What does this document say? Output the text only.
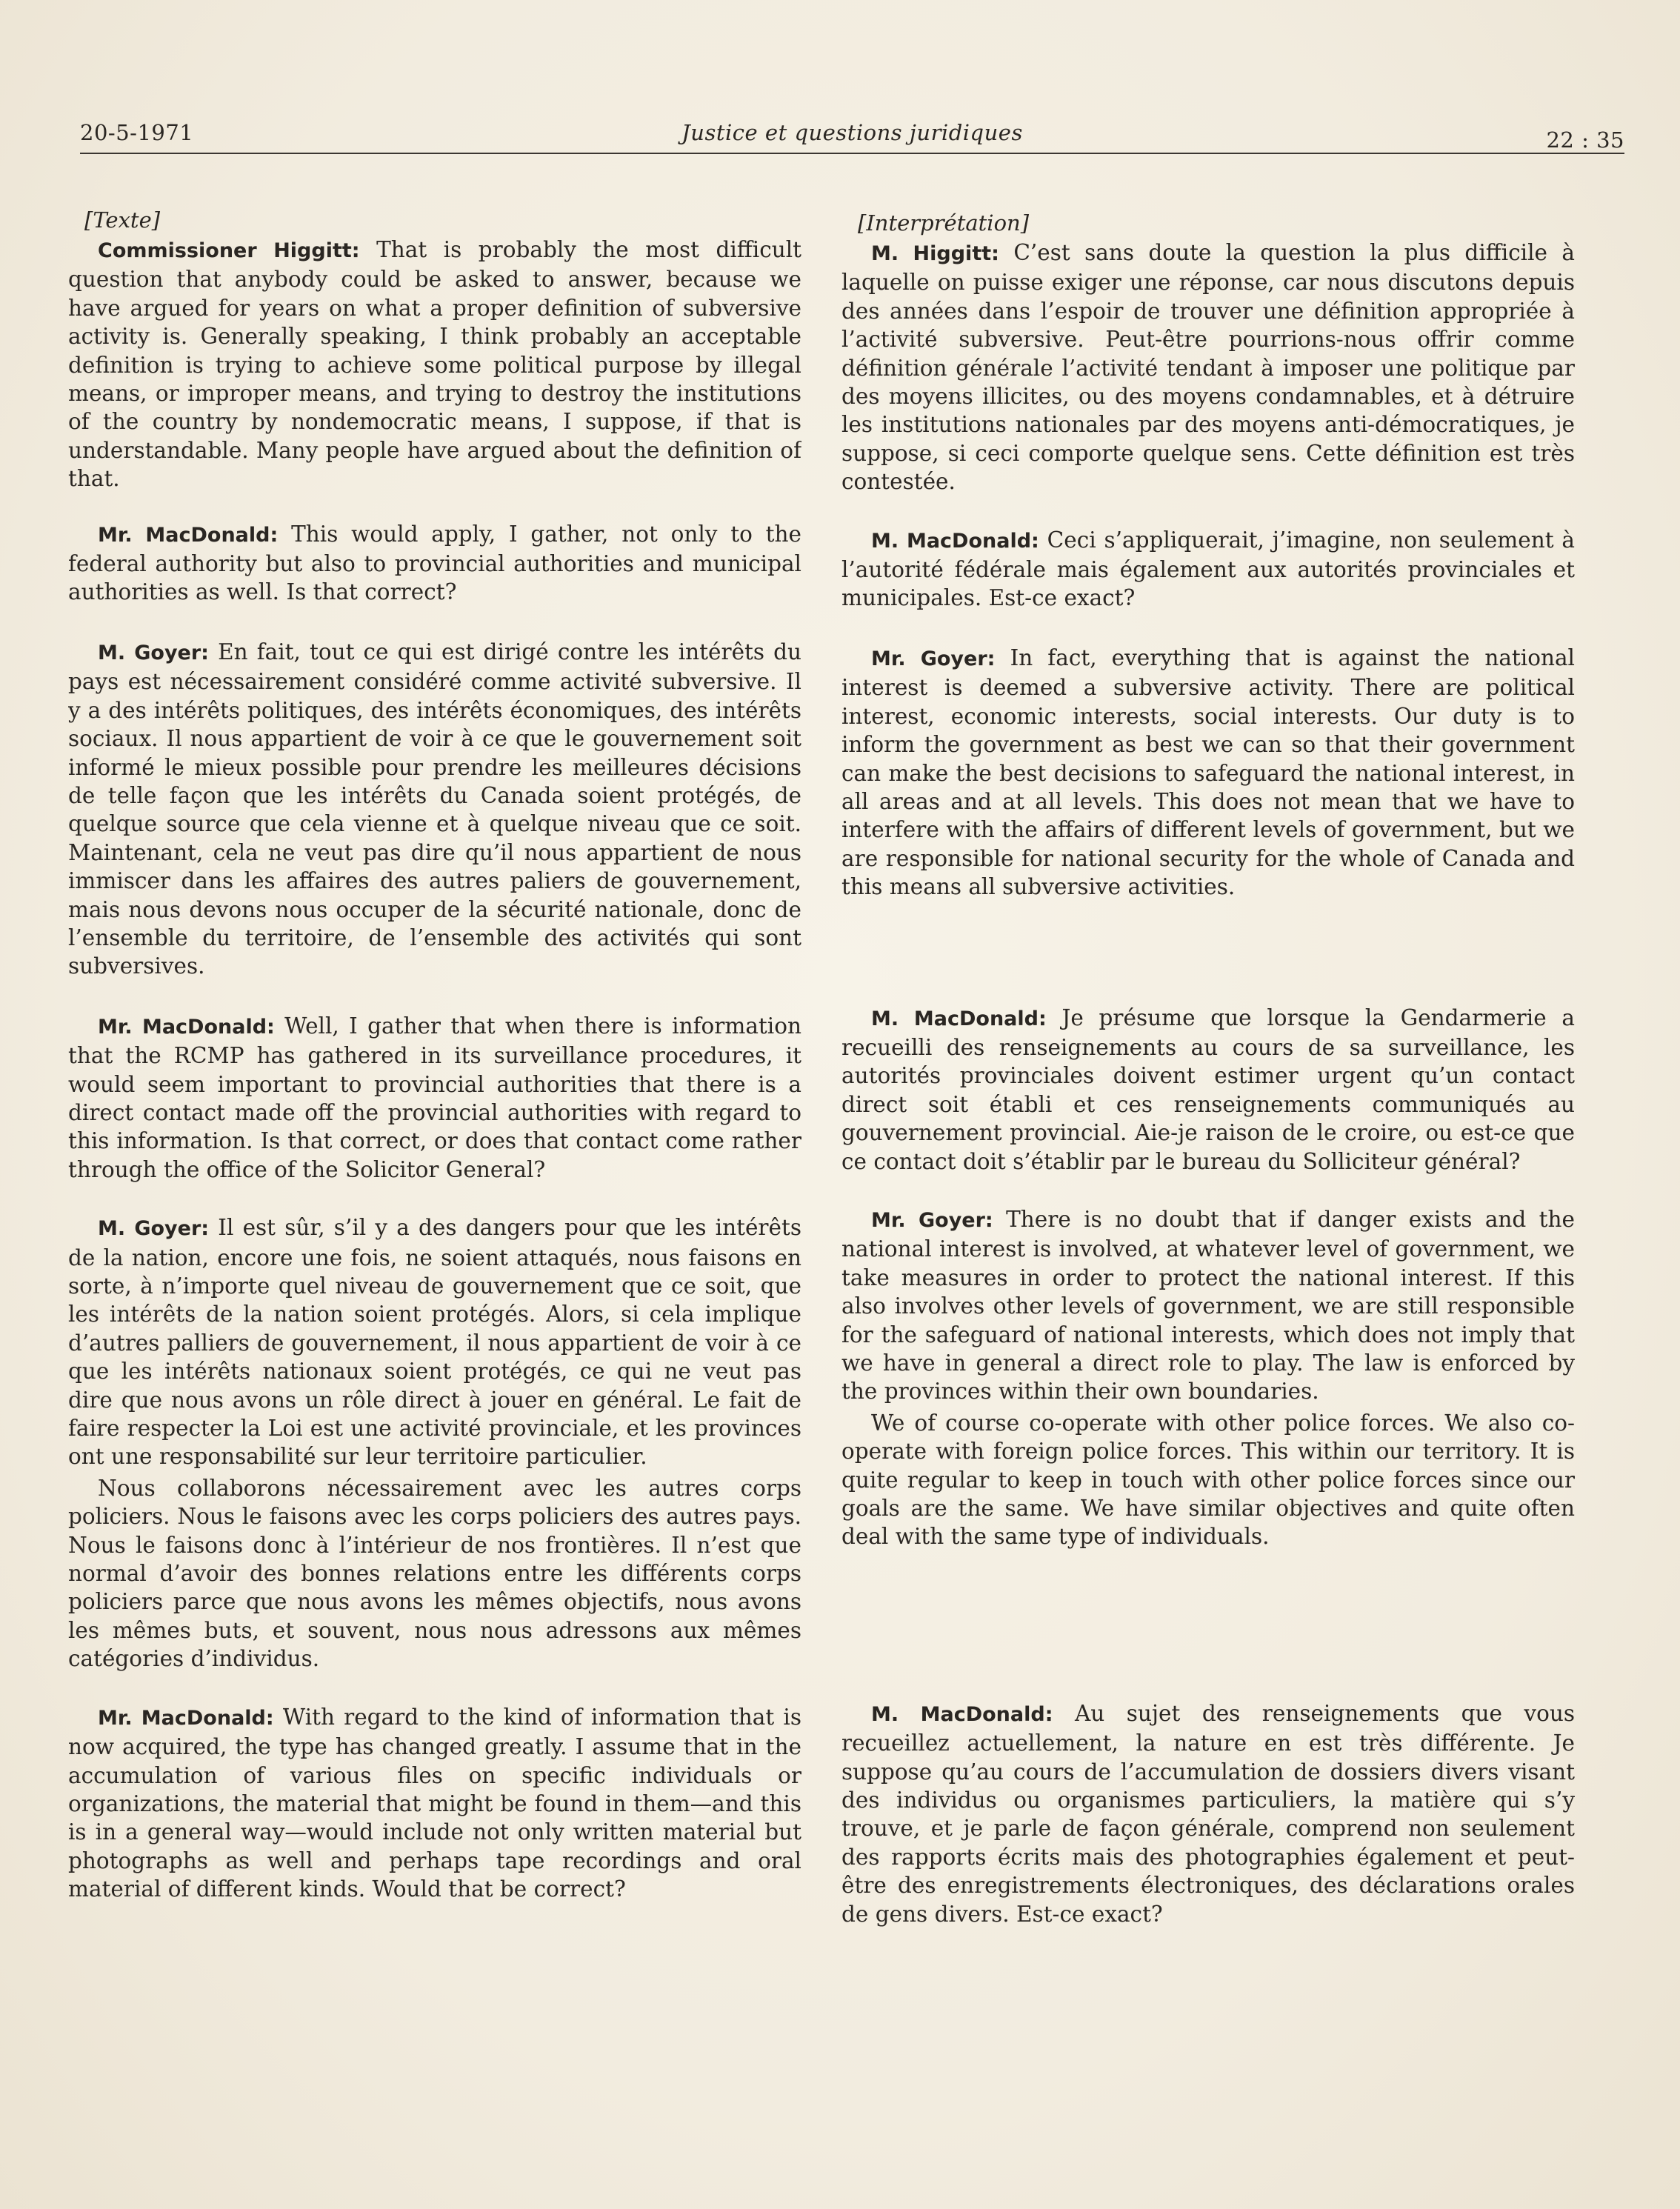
20-5-1971	Justice et questions juridiques	22 : 35
[Texte]

Commissioner Higgitt: That is probably the most difficult question that anybody could be asked to answer, because we have argued for years on what a proper definition of subversive activity is. Generally speaking, I think probably an acceptable definition is trying to achieve some political purpose by illegal means, or improper means, and trying to destroy the institutions of the country by nondemocratic means, I suppose, if that is understandable. Many people have argued about the definition of that.

Mr. MacDonald: This would apply, I gather, not only to the federal authority but also to provincial authorities and municipal authorities as well. Is that correct?

M. Goyer: En fait, tout ce qui est dirigé contre les intérêts du pays est nécessairement considéré comme activité subversive. Il y a des intérêts politiques, des intérêts économiques, des intérêts sociaux. Il nous appartient de voir à ce que le gouvernement soit informé le mieux possible pour prendre les meilleures décisions de telle façon que les intérêts du Canada soient protégés, de quelque source que cela vienne et à quelque niveau que ce soit. Maintenant, cela ne veut pas dire qu’il nous appartient de nous immiscer dans les affaires des autres paliers de gouvernement, mais nous devons nous occuper de la sécurité nationale, donc de l’ensemble du territoire, de l’ensemble des activités qui sont subversives.

Mr. MacDonald: Well, I gather that when there is information that the RCMP has gathered in its surveillance procedures, it would seem important to provincial authorities that there is a direct contact made off the provincial authorities with regard to this information. Is that correct, or does that contact come rather through the office of the Solicitor General?

M. Goyer: Il est sûr, s’il y a des dangers pour que les intérêts de la nation, encore une fois, ne soient attaqués, nous faisons en sorte, à n’importe quel niveau de gouvernement que ce soit, que les intérêts de la nation soient protégés. Alors, si cela implique d’autres palliers de gouvernement, il nous appartient de voir à ce que les intérêts nationaux soient protégés, ce qui ne veut pas dire que nous avons un rôle direct à jouer en général. Le fait de faire respecter la Loi est une activité provinciale, et les provinces ont une responsabilité sur leur territoire particulier.

Nous collaborons nécessairement avec les autres corps policiers. Nous le faisons avec les corps policiers des autres pays. Nous le faisons donc à l’intérieur de nos frontières. Il n’est que normal d’avoir des bonnes relations entre les différents corps policiers parce que nous avons les mêmes objectifs, nous avons les mêmes buts, et souvent, nous nous adressons aux mêmes catégories d’individus.

Mr. MacDonald: With regard to the kind of information that is now acquired, the type has changed greatly. I assume that in the accumulation of various files on specific individuals or organizations, the material that might be found in them—and this is in a general way—would include not only written material but photographs as well and perhaps tape recordings and oral material of different kinds. Would that be correct?

[Interprétation]

M. Higgitt: C’est sans doute la question la plus difficile à laquelle on puisse exiger une réponse, car nous discutons depuis des années dans l’espoir de trouver une définition appropriée à l’activité subversive. Peut-être pourrions-nous offrir comme définition générale l’activité tendant à imposer une politique par des moyens illicites, ou des moyens condamnables, et à détruire les institutions nationales par des moyens anti-démocratiques, je suppose, si ceci comporte quelque sens. Cette définition est très contestée.

M. MacDonald: Ceci s’appliquerait, j’imagine, non seulement à l’autorité fédérale mais également aux autorités provinciales et municipales. Est-ce exact?

Mr. Goyer: In fact, everything that is against the national interest is deemed a subversive activity. There are political interest, economic interests, social interests. Our duty is to inform the government as best we can so that their government can make the best decisions to safeguard the national interest, in all areas and at all levels. This does not mean that we have to interfere with the affairs of different levels of government, but we are responsible for national security for the whole of Canada and this means all subversive activities.

M. MacDonald: Je présume que lorsque la Gendarmerie a recueilli des renseignements au cours de sa surveillance, les autorités provinciales doivent estimer urgent qu’un contact direct soit établi et ces renseignements communiqués au gouvernement provincial. Aie-je raison de le croire, ou est-ce que ce contact doit s’établir par le bureau du Solliciteur général?

Mr. Goyer: There is no doubt that if danger exists and the national interest is involved, at whatever level of government, we take measures in order to protect the national interest. If this also involves other levels of government, we are still responsible for the safeguard of national interests, which does not imply that we have in general a direct role to play. The law is enforced by the provinces within their own boundaries.

We of course co-operate with other police forces. We also co-operate with foreign police forces. This within our territory. It is quite regular to keep in touch with other police forces since our goals are the same. We have similar objectives and quite often deal with the same type of individuals.

M. MacDonald: Au sujet des renseignements que vous recueillez actuellement, la nature en est très différente. Je suppose qu’au cours de l’accumulation de dossiers divers visant des individus ou organismes particuliers, la matière qui s’y trouve, et je parle de façon générale, comprend non seulement des rapports écrits mais des photographies également et peut-être des enregistrements électroniques, des déclarations orales de gens divers. Est-ce exact?
